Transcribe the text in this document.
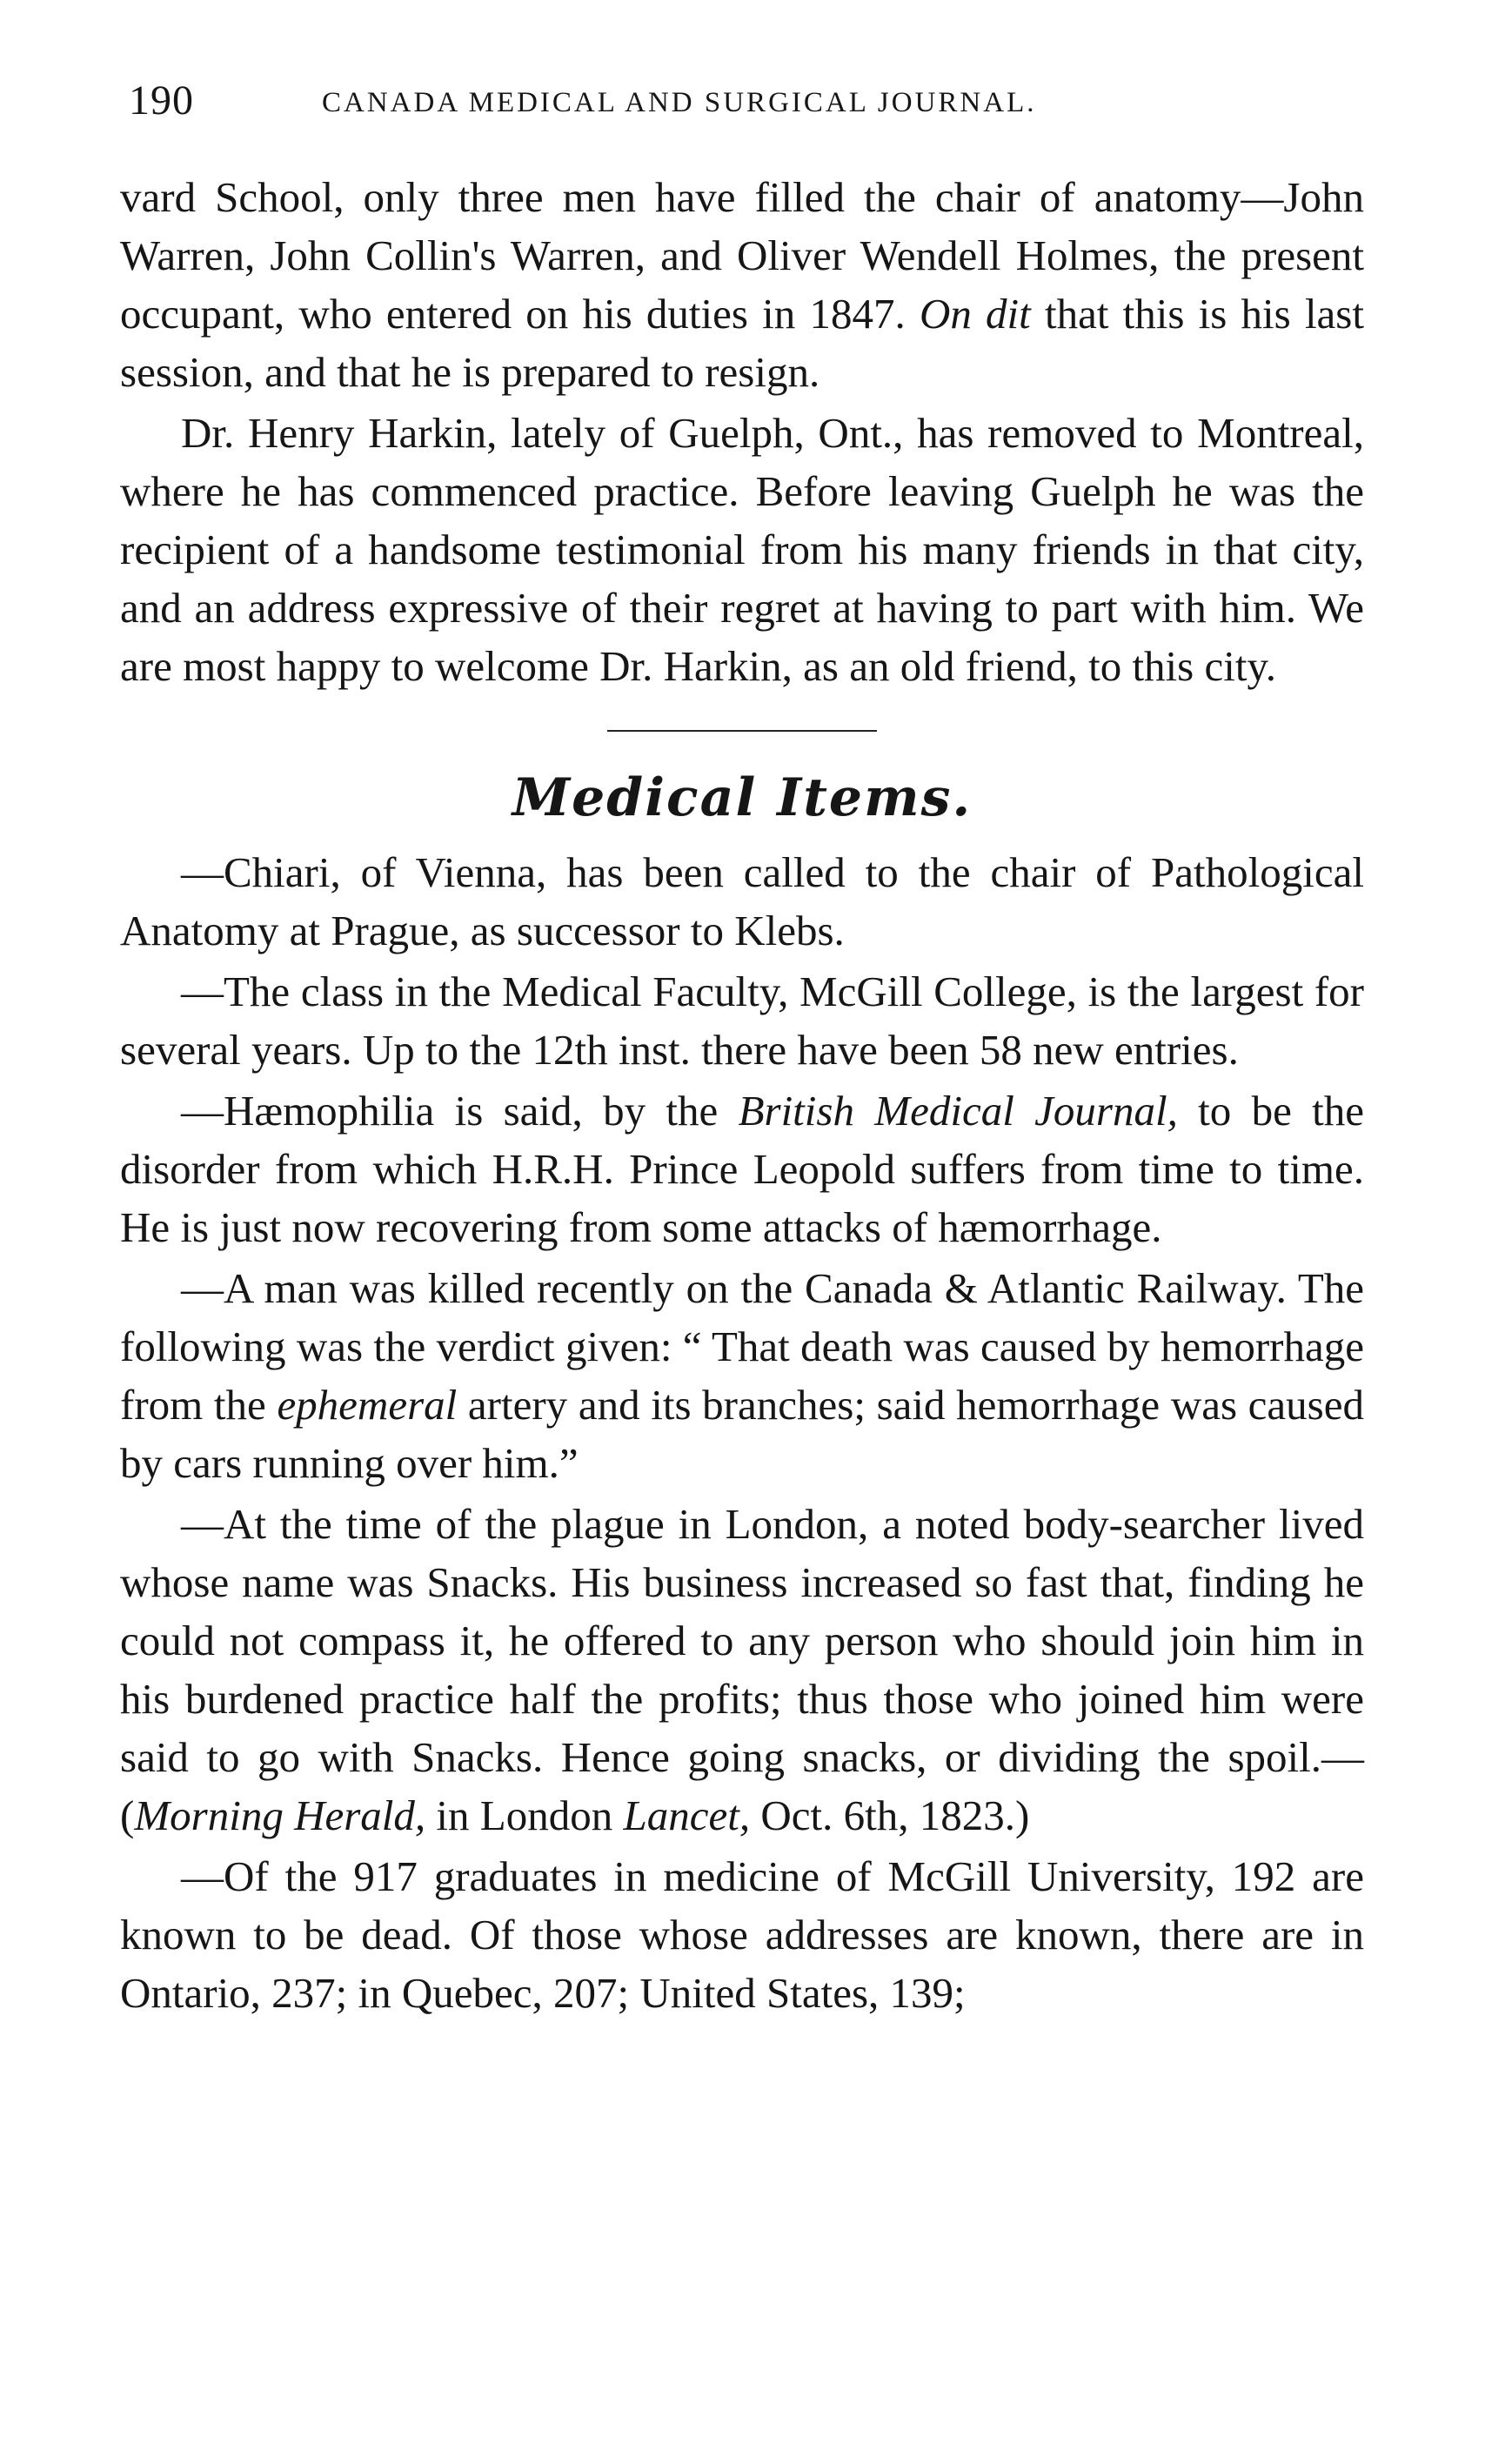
190	CANADA MEDICAL AND SURGICAL JOURNAL.

vard School, only three men have filled the chair of anatomy—John Warren, John Collin's Warren, and Oliver Wendell Holmes, the present occupant, who entered on his duties in 1847. On dit that this is his last session, and that he is prepared to resign.

Dr. Henry Harkin, lately of Guelph, Ont., has removed to Montreal, where he has commenced practice. Before leaving Guelph he was the recipient of a handsome testimonial from his many friends in that city, and an address expressive of their regret at having to part with him. We are most happy to welcome Dr. Harkin, as an old friend, to this city.

Medical Items.

—Chiari, of Vienna, has been called to the chair of Pathological Anatomy at Prague, as successor to Klebs.

—The class in the Medical Faculty, McGill College, is the largest for several years. Up to the 12th inst. there have been 58 new entries.

—Hæmophilia is said, by the British Medical Journal, to be the disorder from which H.R.H. Prince Leopold suffers from time to time. He is just now recovering from some attacks of hæmorrhage.

—A man was killed recently on the Canada & Atlantic Railway. The following was the verdict given: “ That death was caused by hemorrhage from the ephemeral artery and its branches; said hemorrhage was caused by cars running over him.”

—At the time of the plague in London, a noted body-searcher lived whose name was Snacks. His business increased so fast that, finding he could not compass it, he offered to any person who should join him in his burdened practice half the profits; thus those who joined him were said to go with Snacks. Hence going snacks, or dividing the spoil.—(Morning Herald, in London Lancet, Oct. 6th, 1823.)

—Of the 917 graduates in medicine of McGill University, 192 are known to be dead. Of those whose addresses are known, there are in Ontario, 237; in Quebec, 207; United States, 139;
